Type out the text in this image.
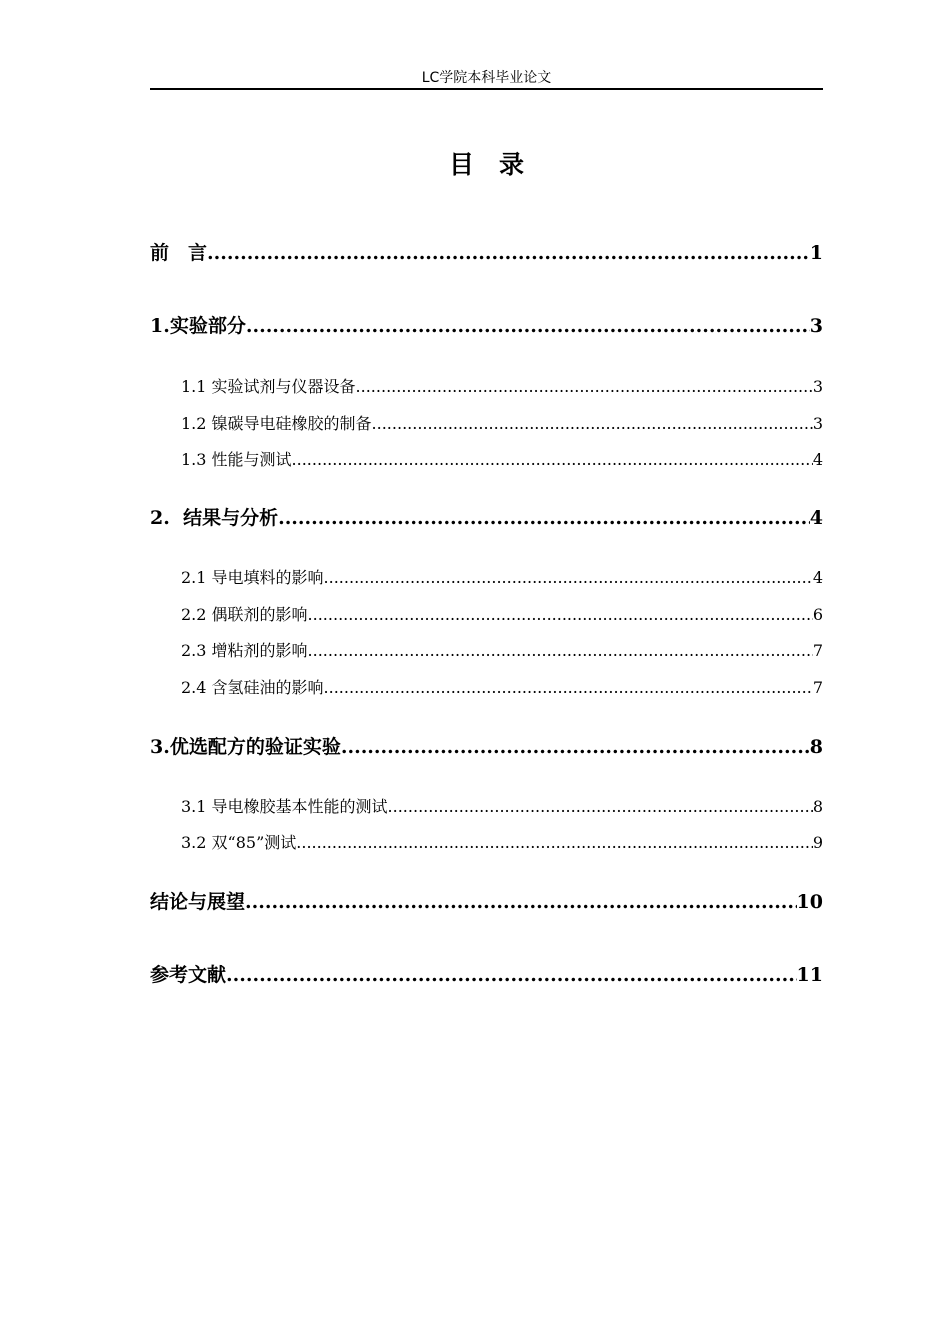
LC学院本科毕业论文
目　录
前　言 .....	1
1.实验部分 .....	3
1.1 实验试剂与仪器设备 .....	3
1.2 镍碳导电硅橡胶的制备 .....	3
1.3 性能与测试 .....	4
2.  结果与分析 .....	4
2.1 导电填料的影响 .....	4
2.2 偶联剂的影响 .....	6
2.3 增粘剂的影响 .....	7
2.4 含氢硅油的影响 .....	7
3.优选配方的验证实验 .....	8
3.1 导电橡胶基本性能的测试 .....	8
3.2 双“85”测试 .....	9
结论与展望 .....	10
参考文献 .....	11
